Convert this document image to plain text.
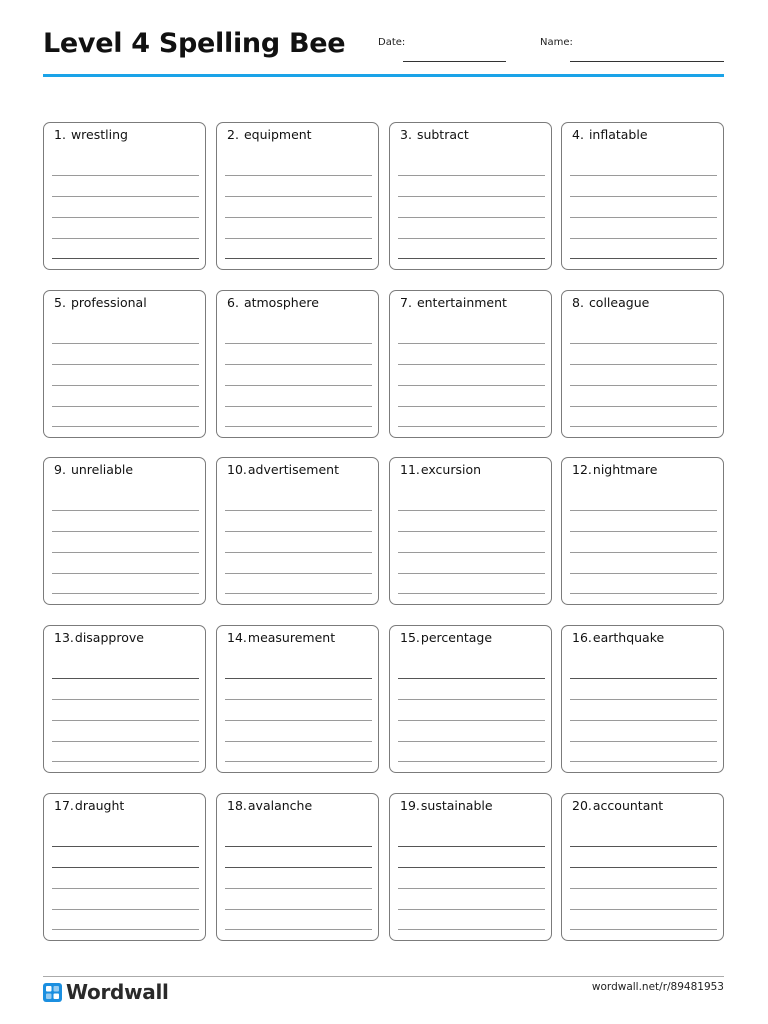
Level 4 Spelling Bee	Date:	Name:
1. wrestling	2. equipment	3. subtract	4. inflatable
5. professional	6. atmosphere	7. entertainment	8. colleague
9. unreliable	10.advertisement	11.excursion	12.nightmare
13.disapprove	14.measurement	15.percentage	16.earthquake
17.draught	18.avalanche	19.sustainable	20.accountant
Wordwall	wordwall.net/r/89481953
